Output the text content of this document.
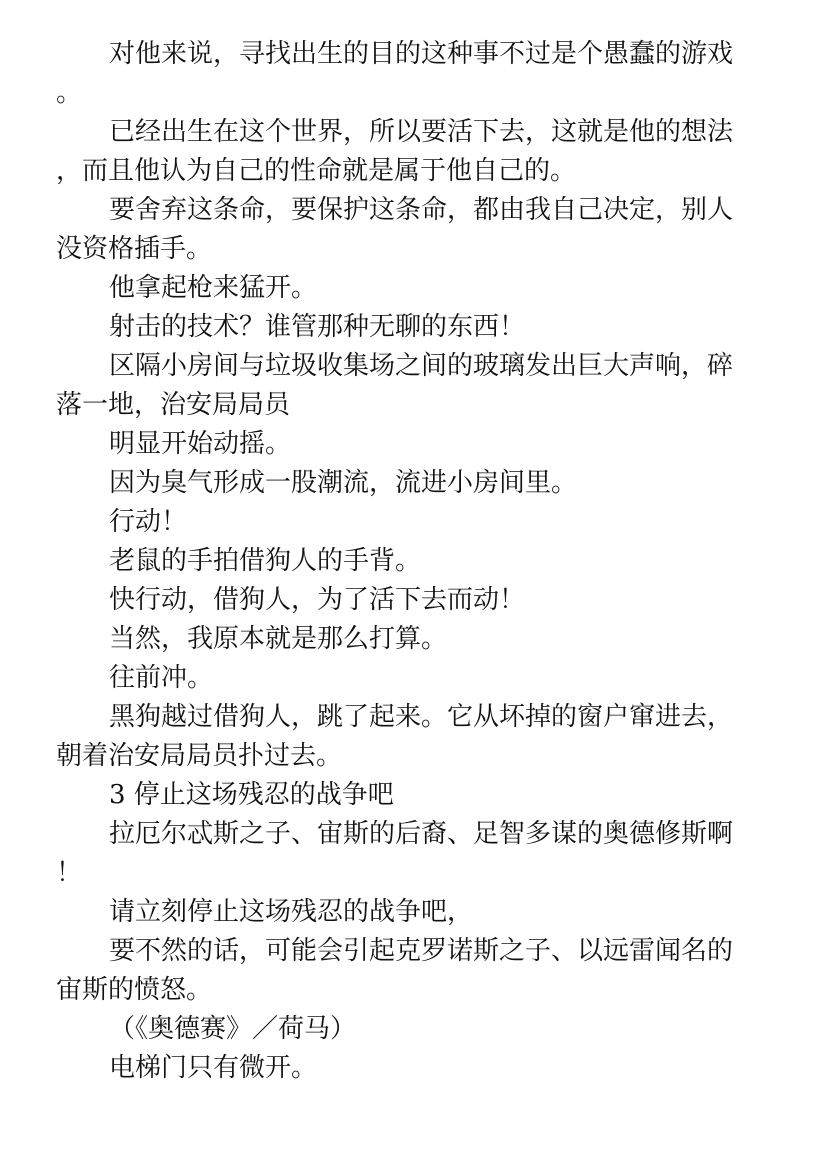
对他来说，寻找出生的目的这种事不过是个愚蠢的游戏。

已经出生在这个世界，所以要活下去，这就是他的想法，而且他认为自己的性命就是属于他自己的。

要舍弃这条命，要保护这条命，都由我自己决定，别人没资格插手。

他拿起枪来猛开。

射击的技术？谁管那种无聊的东西！

区隔小房间与垃圾收集场之间的玻璃发出巨大声响，碎落一地，治安局局员

明显开始动摇。

因为臭气形成一股潮流，流进小房间里。

行动！

老鼠的手拍借狗人的手背。

快行动，借狗人，为了活下去而动！

当然，我原本就是那么打算。

往前冲。

黑狗越过借狗人，跳了起来。它从坏掉的窗户窜进去，朝着治安局局员扑过去。

3 停止这场残忍的战争吧

拉厄尔忒斯之子、宙斯的后裔、足智多谋的奥德修斯啊！

请立刻停止这场残忍的战争吧，

要不然的话，可能会引起克罗诺斯之子、以远雷闻名的宙斯的愤怒。

（《奥德赛》／荷马）

电梯门只有微开。
